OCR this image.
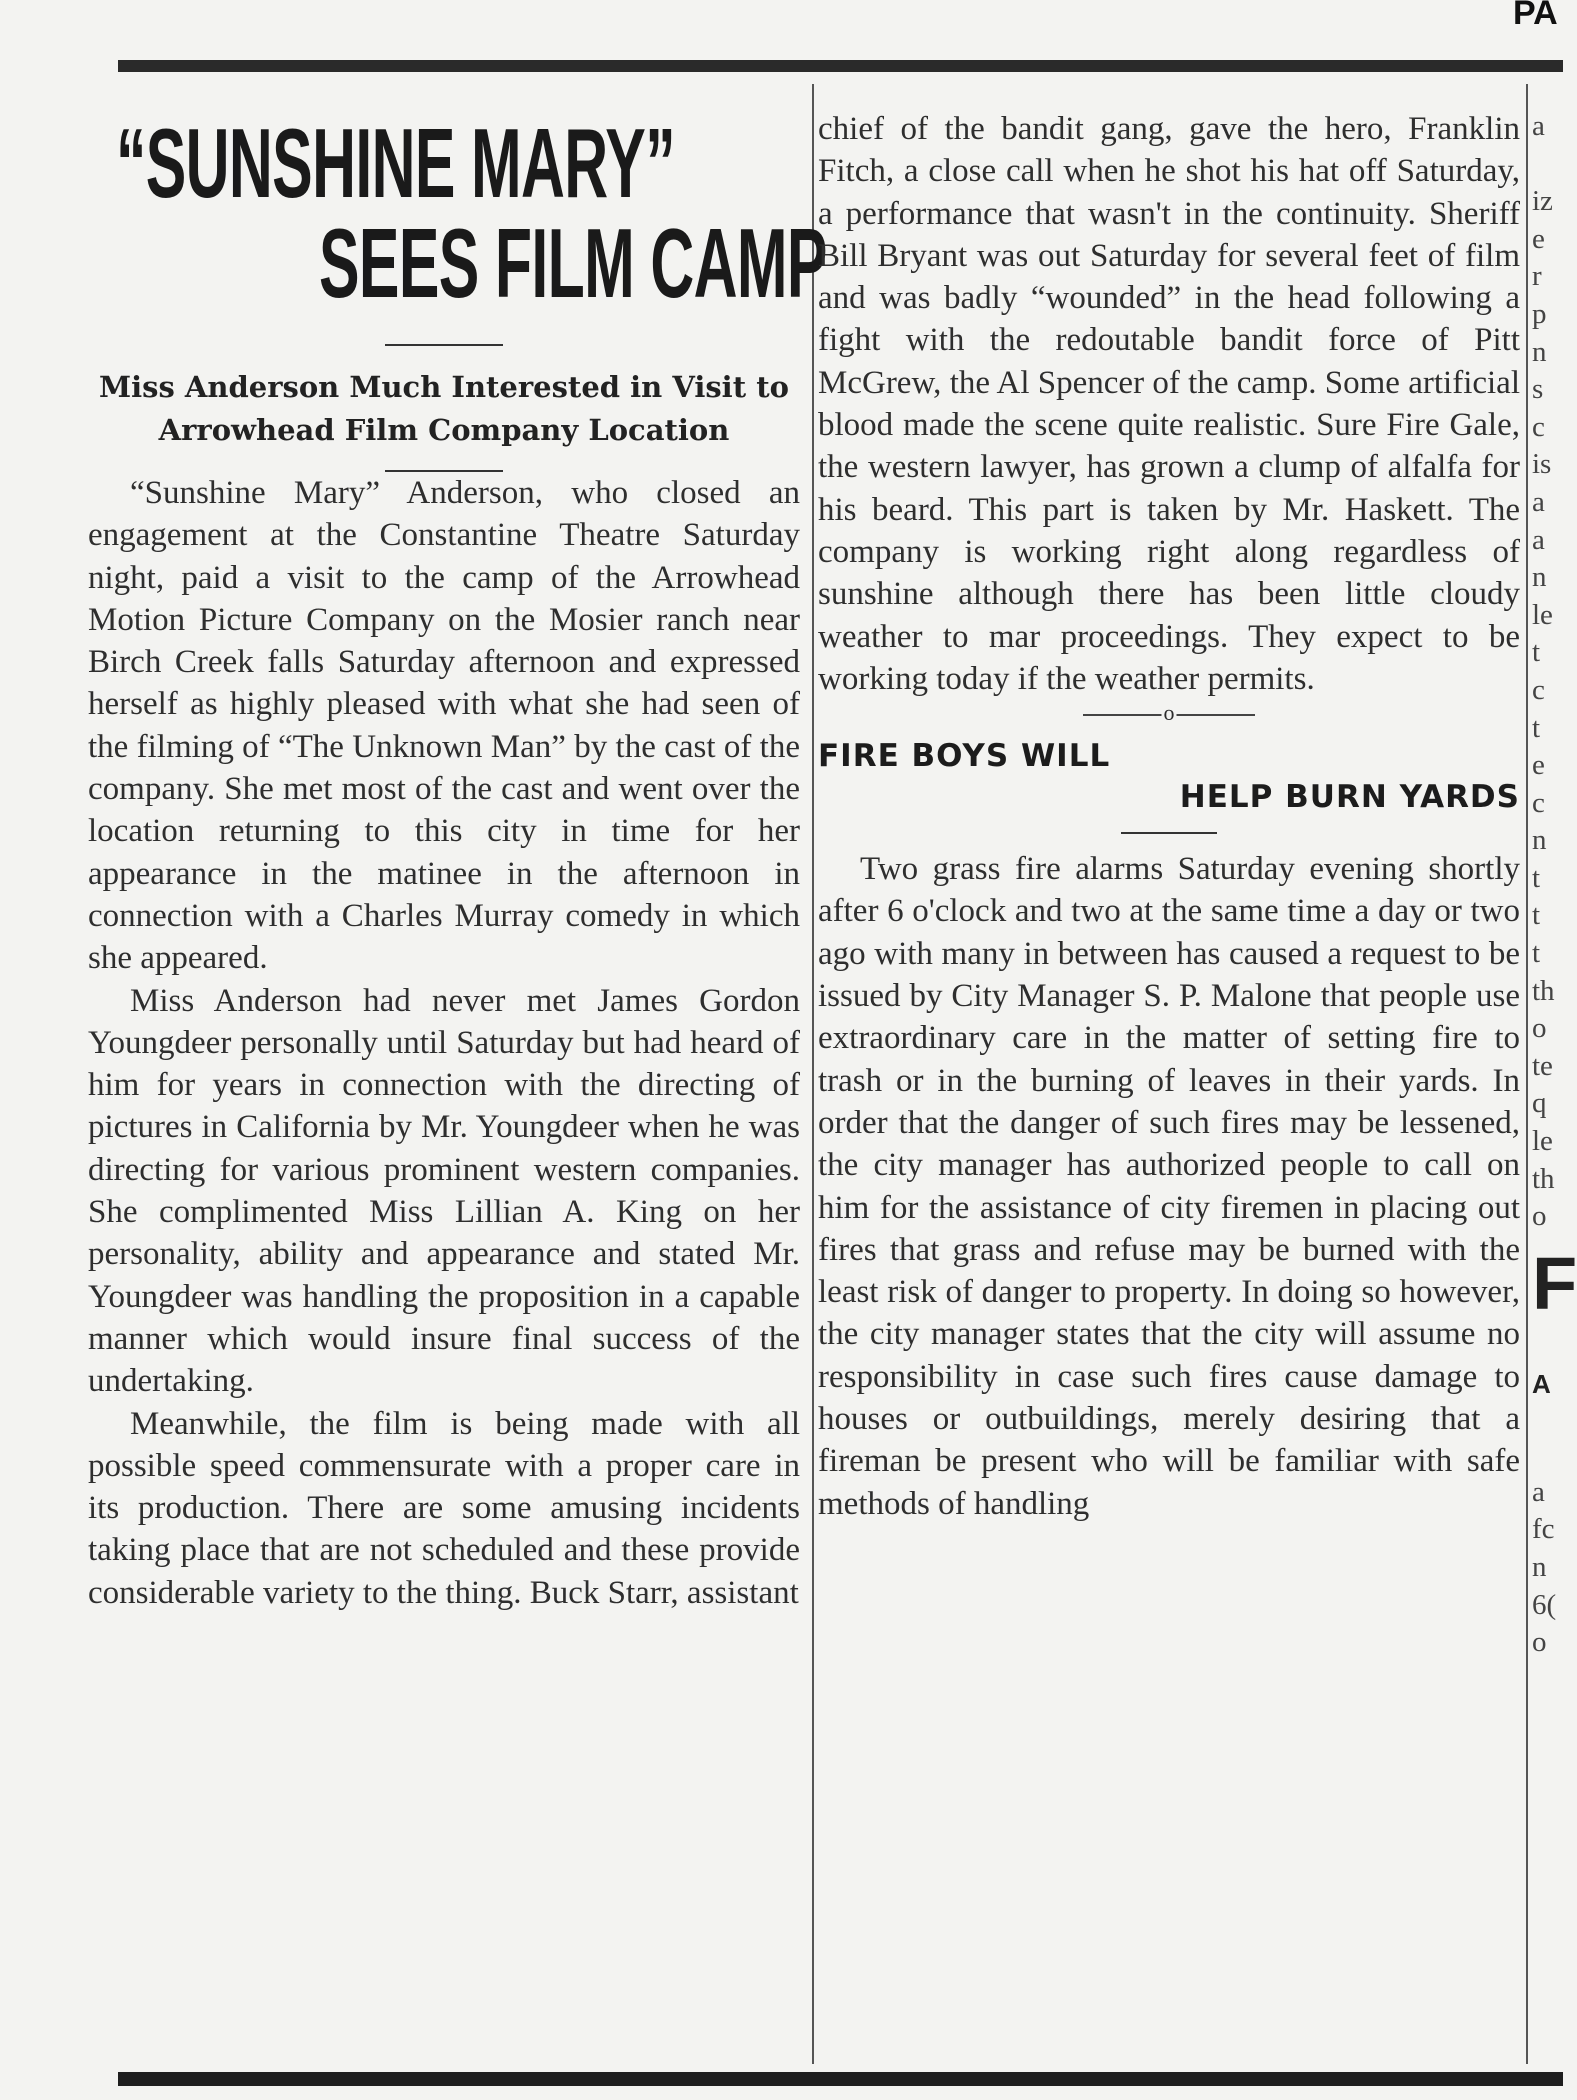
PA
“SUNSHINE MARY”
SEES FILM CAMP
Miss Anderson Much Interested in Visit to Arrowhead Film Company Location

“Sunshine Mary” Anderson, who closed an engagement at the Constantine Theatre Saturday night, paid a visit to the camp of the Arrowhead Motion Picture Company on the Mosier ranch near Birch Creek falls Saturday afternoon and expressed herself as highly pleased with what she had seen of the filming of “The Unknown Man” by the cast of the company. She met most of the cast and went over the location returning to this city in time for her appearance in the matinee in the afternoon in connection with a Charles Murray comedy in which she appeared.

Miss Anderson had never met James Gordon Youngdeer personally until Saturday but had heard of him for years in connection with the directing of pictures in California by Mr. Youngdeer when he was directing for various prominent western companies. She complimented Miss Lillian A. King on her personality, ability and appearance and stated Mr. Youngdeer was handling the proposition in a capable manner which would insure final success of the undertaking.

Meanwhile, the film is being made with all possible speed commensurate with a proper care in its production. There are some amusing incidents taking place that are not scheduled and these provide considerable variety to the thing. Buck Starr, assistant

chief of the bandit gang, gave the hero, Franklin Fitch, a close call when he shot his hat off Saturday, a performance that wasn't in the continuity. Sheriff Bill Bryant was out Saturday for several feet of film and was badly “wounded” in the head following a fight with the redoutable bandit force of Pitt McGrew, the Al Spencer of the camp. Some artificial blood made the scene quite realistic. Sure Fire Gale, the western lawyer, has grown a clump of alfalfa for his beard. This part is taken by Mr. Haskett. The company is working right along regardless of sunshine although there has been little cloudy weather to mar proceedings. They expect to be working today if the weather permits.

o
FIRE BOYS WILL
HELP BURN YARDS

Two grass fire alarms Saturday evening shortly after 6 o'clock and two at the same time a day or two ago with many in between has caused a request to be issued by City Manager S. P. Malone that people use extraordinary care in the matter of setting fire to trash or in the burning of leaves in their yards. In order that the danger of such fires may be lessened, the city manager has authorized people to call on him for the assistance of city firemen in placing out fires that grass and refuse may be burned with the least risk of danger to property. In doing so however, the city manager states that the city will assume no responsibility in case such fires cause damage to houses or outbuildings, merely desiring that a fireman be present who will be familiar with safe methods of handling

a

iz

e

r

p

n

s

c

is

a

a

n

le

t

c

t

e

c

n

t

t

t

th

o

te

q

le

th

o

F
A

a

fc

n

6(

o
